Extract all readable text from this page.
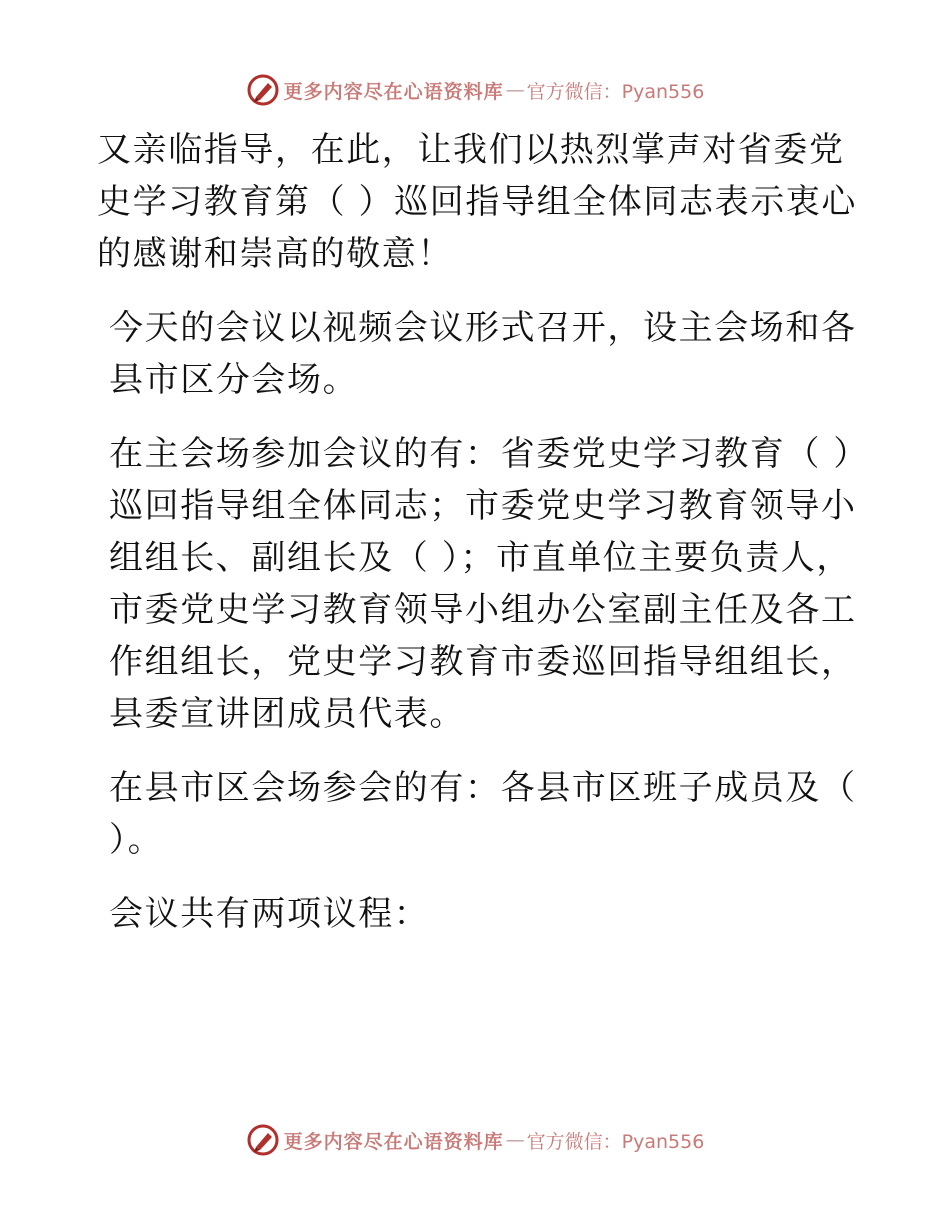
更多内容尽在心语资料库 — 官方微信：Pyan556

又亲临指导，在此，让我们以热烈掌声对省委党史学习教育第（ ）巡回指导组全体同志表示衷心的感谢和崇高的敬意！

今天的会议以视频会议形式召开，设主会场和各县市区分会场。

在主会场参加会议的有：省委党史学习教育（ ）巡回指导组全体同志；市委党史学习教育领导小组组长、副组长及（ ）；市直单位主要负责人，市委党史学习教育领导小组办公室副主任及各工作组组长，党史学习教育市委巡回指导组组长，县委宣讲团成员代表。

在县市区会场参会的有：各县市区班子成员及（ ）。

会议共有两项议程：

更多内容尽在心语资料库 — 官方微信：Pyan556
